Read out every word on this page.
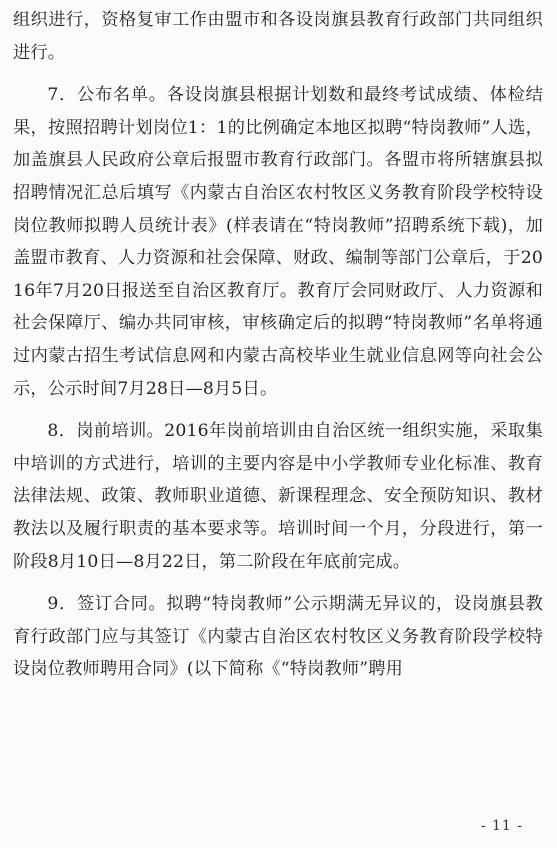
组织进行，资格复审工作由盟市和各设岗旗县教育行政部门共同组织进行。

7．公布名单。各设岗旗县根据计划数和最终考试成绩、体检结果，按照招聘计划岗位1：1的比例确定本地区拟聘“特岗教师”人选，加盖旗县人民政府公章后报盟市教育行政部门。各盟市将所辖旗县拟招聘情况汇总后填写《内蒙古自治区农村牧区义务教育阶段学校特设岗位教师拟聘人员统计表》(样表请在“特岗教师”招聘系统下载)，加盖盟市教育、人力资源和社会保障、财政、编制等部门公章后，于2016年7月20日报送至自治区教育厅。教育厅会同财政厅、人力资源和社会保障厅、编办共同审核，审核确定后的拟聘“特岗教师”名单将通过内蒙古招生考试信息网和内蒙古高校毕业生就业信息网等向社会公示，公示时间7月28日—8月5日。

8．岗前培训。2016年岗前培训由自治区统一组织实施，采取集中培训的方式进行，培训的主要内容是中小学教师专业化标准、教育法律法规、政策、教师职业道德、新课程理念、安全预防知识、教材教法以及履行职责的基本要求等。培训时间一个月，分段进行，第一阶段8月10日—8月22日，第二阶段在年底前完成。

9．签订合同。拟聘“特岗教师”公示期满无异议的，设岗旗县教育行政部门应与其签订《内蒙古自治区农村牧区义务教育阶段学校特设岗位教师聘用合同》(以下简称《“特岗教师”聘用

- 11 -
